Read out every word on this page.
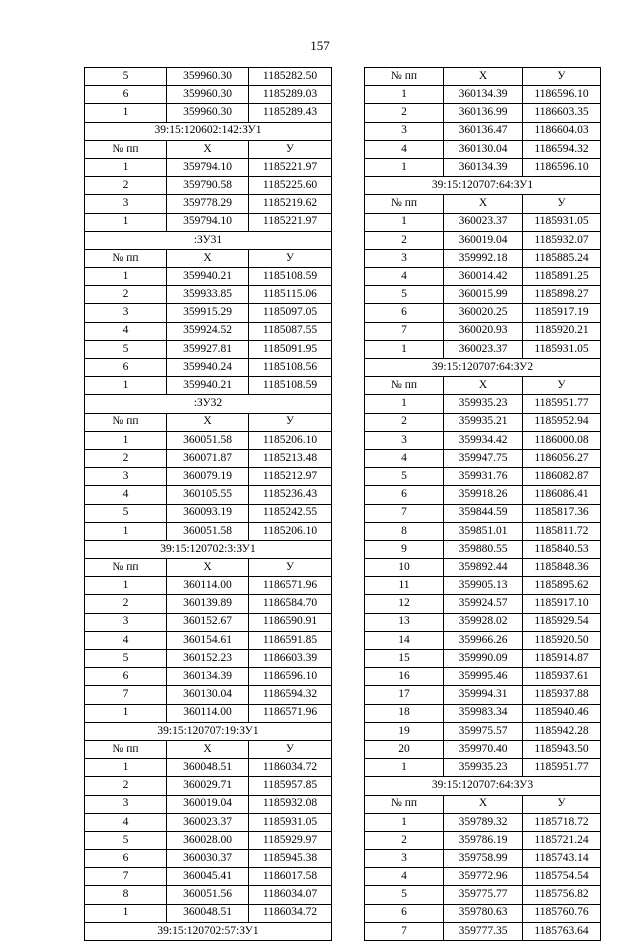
157
5	359960.30	1185282.50
6	359960.30	1185289.03
1	359960.30	1185289.43
39:15:120602:142:ЗУ1		
№ пп	X	У
1	359794.10	1185221.97
2	359790.58	1185225.60
3	359778.29	1185219.62
1	359794.10	1185221.97
:ЗУ31		
№ пп	X	У
1	359940.21	1185108.59
2	359933.85	1185115.06
3	359915.29	1185097.05
4	359924.52	1185087.55
5	359927.81	1185091.95
6	359940.24	1185108.56
1	359940.21	1185108.59
:ЗУ32		
№ пп	X	У
1	360051.58	1185206.10
2	360071.87	1185213.48
3	360079.19	1185212.97
4	360105.55	1185236.43
5	360093.19	1185242.55
1	360051.58	1185206.10
39:15:120702:3:ЗУ1		
№ пп	X	У
1	360114.00	1186571.96
2	360139.89	1186584.70
3	360152.67	1186590.91
4	360154.61	1186591.85
5	360152.23	1186603.39
6	360134.39	1186596.10
7	360130.04	1186594.32
1	360114.00	1186571.96
39:15:120707:19:ЗУ1		
№ пп	X	У
1	360048.51	1186034.72
2	360029.71	1185957.85
3	360019.04	1185932.08
4	360023.37	1185931.05
5	360028.00	1185929.97
6	360030.37	1185945.38
7	360045.41	1186017.58
8	360051.56	1186034.07
1	360048.51	1186034.72
39:15:120702:57:ЗУ1		
№ пп	X	У
1	360134.39	1186596.10
2	360136.99	1186603.35
3	360136.47	1186604.03
4	360130.04	1186594.32
1	360134.39	1186596.10
39:15:120707:64:ЗУ1		
№ пп	X	У
1	360023.37	1185931.05
2	360019.04	1185932.07
3	359992.18	1185885.24
4	360014.42	1185891.25
5	360015.99	1185898.27
6	360020.25	1185917.19
7	360020.93	1185920.21
1	360023.37	1185931.05
39:15:120707:64:ЗУ2		
№ пп	X	У
1	359935.23	1185951.77
2	359935.21	1185952.94
3	359934.42	1186000.08
4	359947.75	1186056.27
5	359931.76	1186082.87
6	359918.26	1186086.41
7	359844.59	1185817.36
8	359851.01	1185811.72
9	359880.55	1185840.53
10	359892.44	1185848.36
11	359905.13	1185895.62
12	359924.57	1185917.10
13	359928.02	1185929.54
14	359966.26	1185920.50
15	359990.09	1185914.87
16	359995.46	1185937.61
17	359994.31	1185937.88
18	359983.34	1185940.46
19	359975.57	1185942.28
20	359970.40	1185943.50
1	359935.23	1185951.77
39:15:120707:64:ЗУ3		
№ пп	X	У
1	359789.32	1185718.72
2	359786.19	1185721.24
3	359758.99	1185743.14
4	359772.96	1185754.54
5	359775.77	1185756.82
6	359780.63	1185760.76
7	359777.35	1185763.64
